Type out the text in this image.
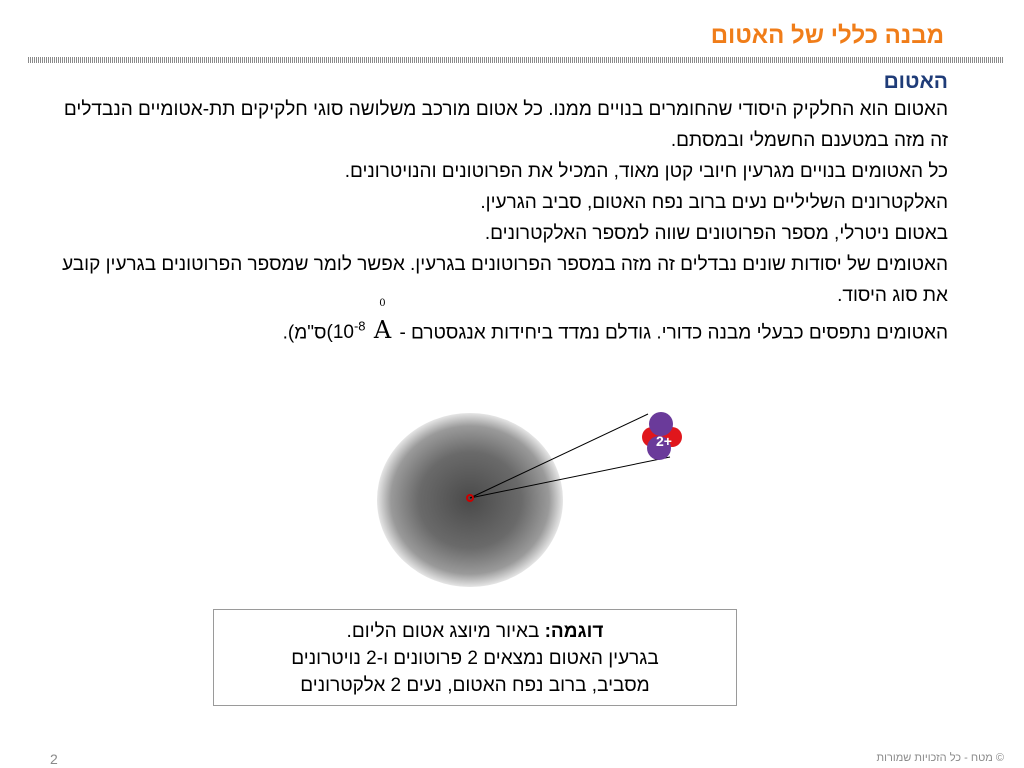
מבנה כללי של האטום
האטום

האטום הוא החלקיק היסודי שהחומרים בנויים ממנו. כל אטום מורכב משלושה סוגי חלקיקים תת-אטומיים הנבדלים זה מזה במטענם החשמלי ובמסתם.

כל האטומים בנויים מגרעין חיובי קטן מאוד, המכיל את הפרוטונים והנויטרונים.

האלקטרונים השליליים נעים ברוב נפח האטום, סביב הגרעין.

באטום ניטרלי, מספר הפרוטונים שווה למספר האלקטרונים.

האטומים של יסודות שונים נבדלים זה מזה במספר הפרוטונים בגרעין. אפשר לומר שמספר הפרוטונים בגרעין קובע את סוג היסוד.

האטומים נתפסים כבעלי מבנה כדורי. גודלם נמדד ביחידות אנגסטרם -
0
A $(10^{-8}ס"מ)$.

2+
דוגמה: באיור מיוצג אטום הליום.
בגרעין האטום נמצאים 2 פרוטונים ו-2 נויטרונים
מסביב, ברוב נפח האטום, נעים 2 אלקטרונים
2	© מטח - כל הזכויות שמורות
